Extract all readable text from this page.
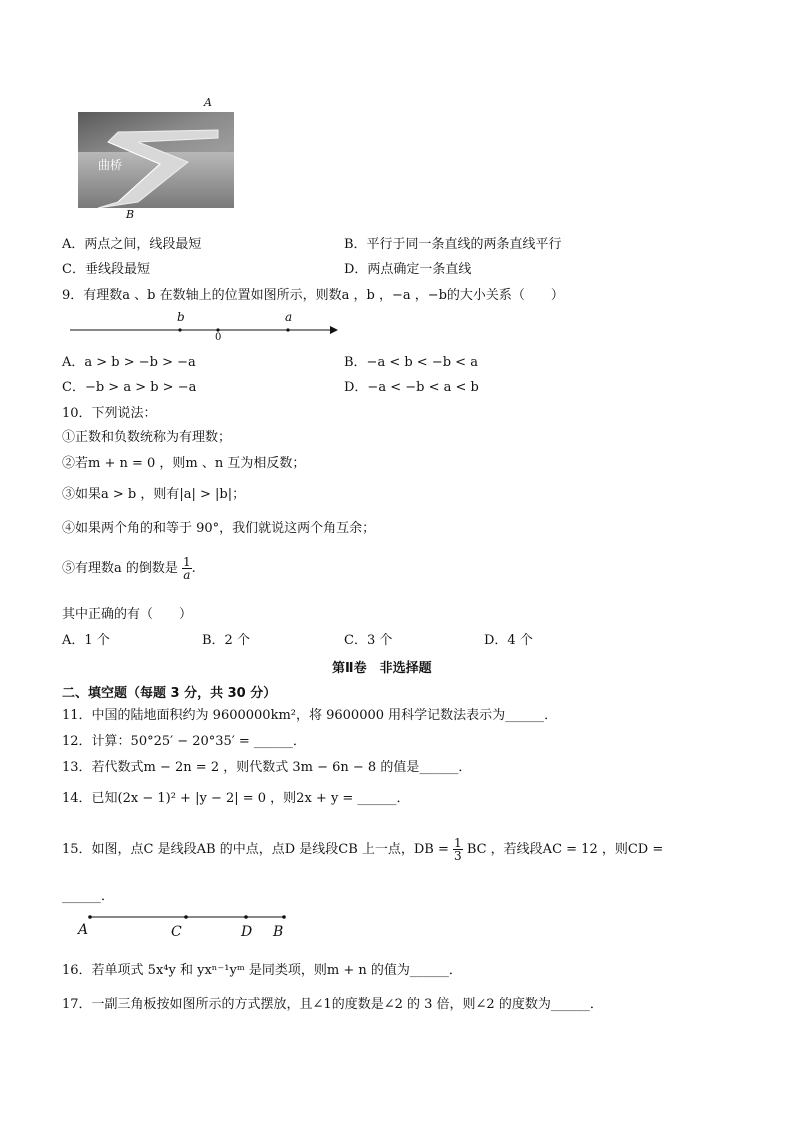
A
曲桥
B
A．两点之间，线段最短	B．平行于同一条直线的两条直线平行
C．垂线段最短	D．两点确定一条直线
9．有理数a 、b 在数轴上的位置如图所示，则数a ，b ，−a ，−b的大小关系（　　）
b
0
a
A．a > b > −b > −a	B．−a < b < −b < a
C．−b > a > b > −a	D．−a < −b < a < b
10．下列说法：
①正数和负数统称为有理数；
②若m + n = 0 ，则m 、n 互为相反数；
③如果a > b ，则有|a| > |b|；
④如果两个角的和等于 90°，我们就说这两个角互余；
⑤有理数a 的倒数是 $\frac{1}{a}$ .
其中正确的有（　　）
A．1 个	B．2 个	C．3 个	D．4 个
第Ⅱ卷　非选择题
二、填空题（每题 3 分，共 30 分）
11．中国的陆地面积约为 9600000km²，将 9600000 用科学记数法表示为______．
12．计算：50°25′ − 20°35′ = ______．
13．若代数式m − 2n = 2 ，则代数式 3m − 6n − 8 的值是______．
14．已知(2x − 1)² + |y − 2| = 0 ，则2x + y = ______．
15．如图，点C 是线段AB 的中点，点D 是线段CB 上一点，DB = $\frac{1}{3}$ BC ，若线段AC = 12 ，则CD =
______．
A	C	D B
16．若单项式 5x⁴y 和 yxⁿ⁻¹yᵐ 是同类项，则m + n 的值为______．
17．一副三角板按如图所示的方式摆放，且∠1的度数是∠2 的 3 倍，则∠2 的度数为______．
